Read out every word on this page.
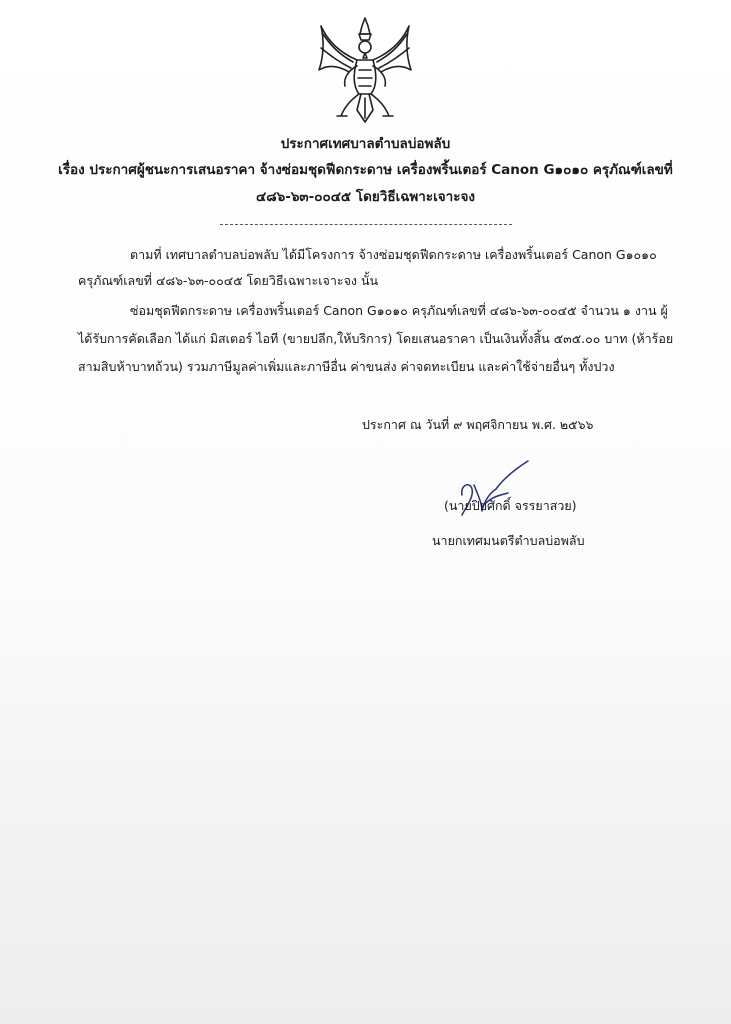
ประกาศเทศบาลตำบลบ่อพลับ
เรื่อง ประกาศผู้ชนะการเสนอราคา จ้างซ่อมชุดฟีดกระดาษ เครื่องพริ้นเตอร์ Canon G๑๐๑๐ ครุภัณฑ์เลขที่
๔๘๖-๖๓-๐๐๔๕ โดยวิธีเฉพาะเจาะจง
ตามที่ เทศบาลตำบลบ่อพลับ ได้มีโครงการ จ้างซ่อมชุดฟีดกระดาษ เครื่องพริ้นเตอร์ Canon G๑๐๑๐
ครุภัณฑ์เลขที่ ๔๘๖-๖๓-๐๐๔๕ โดยวิธีเฉพาะเจาะจง นั้น
ซ่อมชุดฟีดกระดาษ เครื่องพริ้นเตอร์ Canon G๑๐๑๐ ครุภัณฑ์เลขที่ ๔๘๖-๖๓-๐๐๔๕ จำนวน ๑ งาน ผู้
ได้รับการคัดเลือก ได้แก่ มิสเตอร์ ไอที (ขายปลีก,ให้บริการ) โดยเสนอราคา เป็นเงินทั้งสิ้น ๕๓๕.๐๐ บาท (ห้าร้อย
สามสิบห้าบาทถ้วน) รวมภาษีมูลค่าเพิ่มและภาษีอื่น ค่าขนส่ง ค่าจดทะเบียน และค่าใช้จ่ายอื่นๆ ทั้งปวง
ประกาศ ณ วันที่ ๙ พฤศจิกายน พ.ศ. ๒๕๖๖
(นายปิยศักดิ์ จรรยาสวย)
นายกเทศมนตรีตำบลบ่อพลับ
